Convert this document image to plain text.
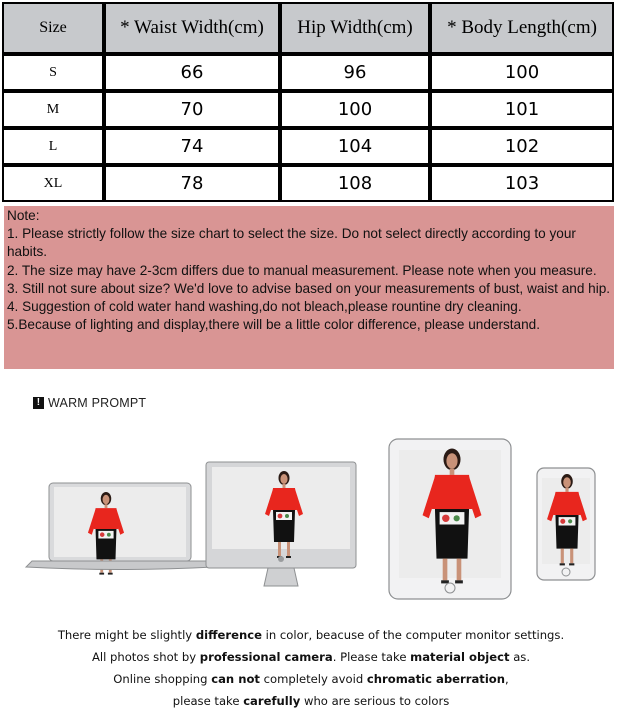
Size	* Waist Width(cm)	Hip Width(cm)	* Body Length(cm)
S	66	96	100
M	70	100	101
L	74	104	102
XL	78	108	103

Note:

1. Please strictly follow the size chart to select the size. Do not select directly according to your habits.

2. The size may have 2-3cm differs due to manual measurement. Please note when you measure.

3. Still not sure about size? We'd love to advise based on your measurements of bust, waist and hip.

4. Suggestion of cold water hand washing,do not bleach,please rountine dry cleaning.

5.Because of lighting and display,there will be a little color difference, please understand.

! WARM PROMPT

There might be slightly difference in color, beacuse of the computer monitor settings.

All photos shot by professional camera. Please take material object as.

Online shopping can not completely avoid chromatic aberration,

please take carefully who are serious to colors
